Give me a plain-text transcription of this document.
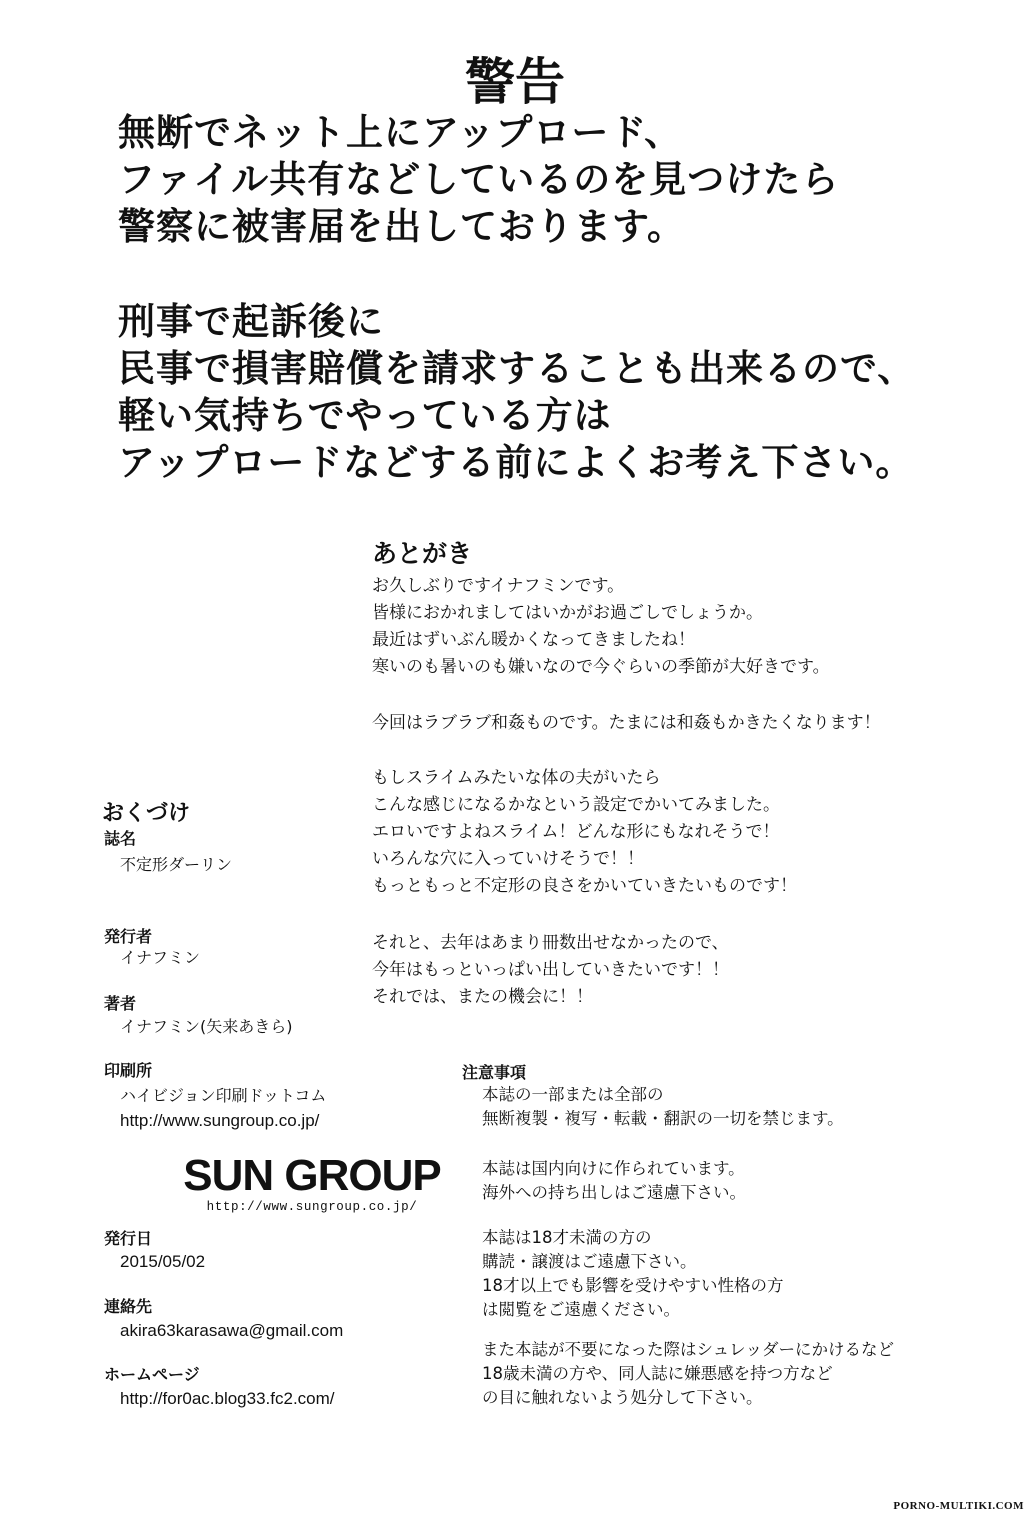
警告
無断でネット上にアップロード、
ファイル共有などしているのを見つけたら
警察に被害届を出しております。
刑事で起訴後に
民事で損害賠償を請求することも出来るので、
軽い気持ちでやっている方は
アップロードなどする前によくお考え下さい。
あとがき
お久しぶりですイナフミンです。
皆様におかれましてはいかがお過ごしでしょうか。
最近はずいぶん暖かくなってきましたね！
寒いのも暑いのも嫌いなので今ぐらいの季節が大好きです。
今回はラブラブ和姦ものです。たまには和姦もかきたくなります！
もしスライムみたいな体の夫がいたら
こんな感じになるかなという設定でかいてみました。
エロいですよねスライム！どんな形にもなれそうで！
いろんな穴に入っていけそうで！！
もっともっと不定形の良さをかいていきたいものです！
それと、去年はあまり冊数出せなかったので、
今年はもっといっぱい出していきたいです！！
それでは、またの機会に！！
おくづけ
誌名
不定形ダーリン
発行者
イナフミン
著者
イナフミン(矢来あきら)
印刷所
ハイビジョン印刷ドットコム
http://www.sungroup.co.jp/
SUN GROUP
http://www.sungroup.co.jp/
発行日
2015/05/02
連絡先
akira63karasawa@gmail.com
ホームページ
http://for0ac.blog33.fc2.com/
注意事項
本誌の一部または全部の
無断複製・複写・転載・翻訳の一切を禁じます。
本誌は国内向けに作られています。
海外への持ち出しはご遠慮下さい。
本誌は18才未満の方の
購読・譲渡はご遠慮下さい。
18才以上でも影響を受けやすい性格の方
は閲覧をご遠慮ください。
また本誌が不要になった際はシュレッダーにかけるなど
18歳未満の方や、同人誌に嫌悪感を持つ方など
の目に触れないよう処分して下さい。
PORNO-MULTIKI.COM
